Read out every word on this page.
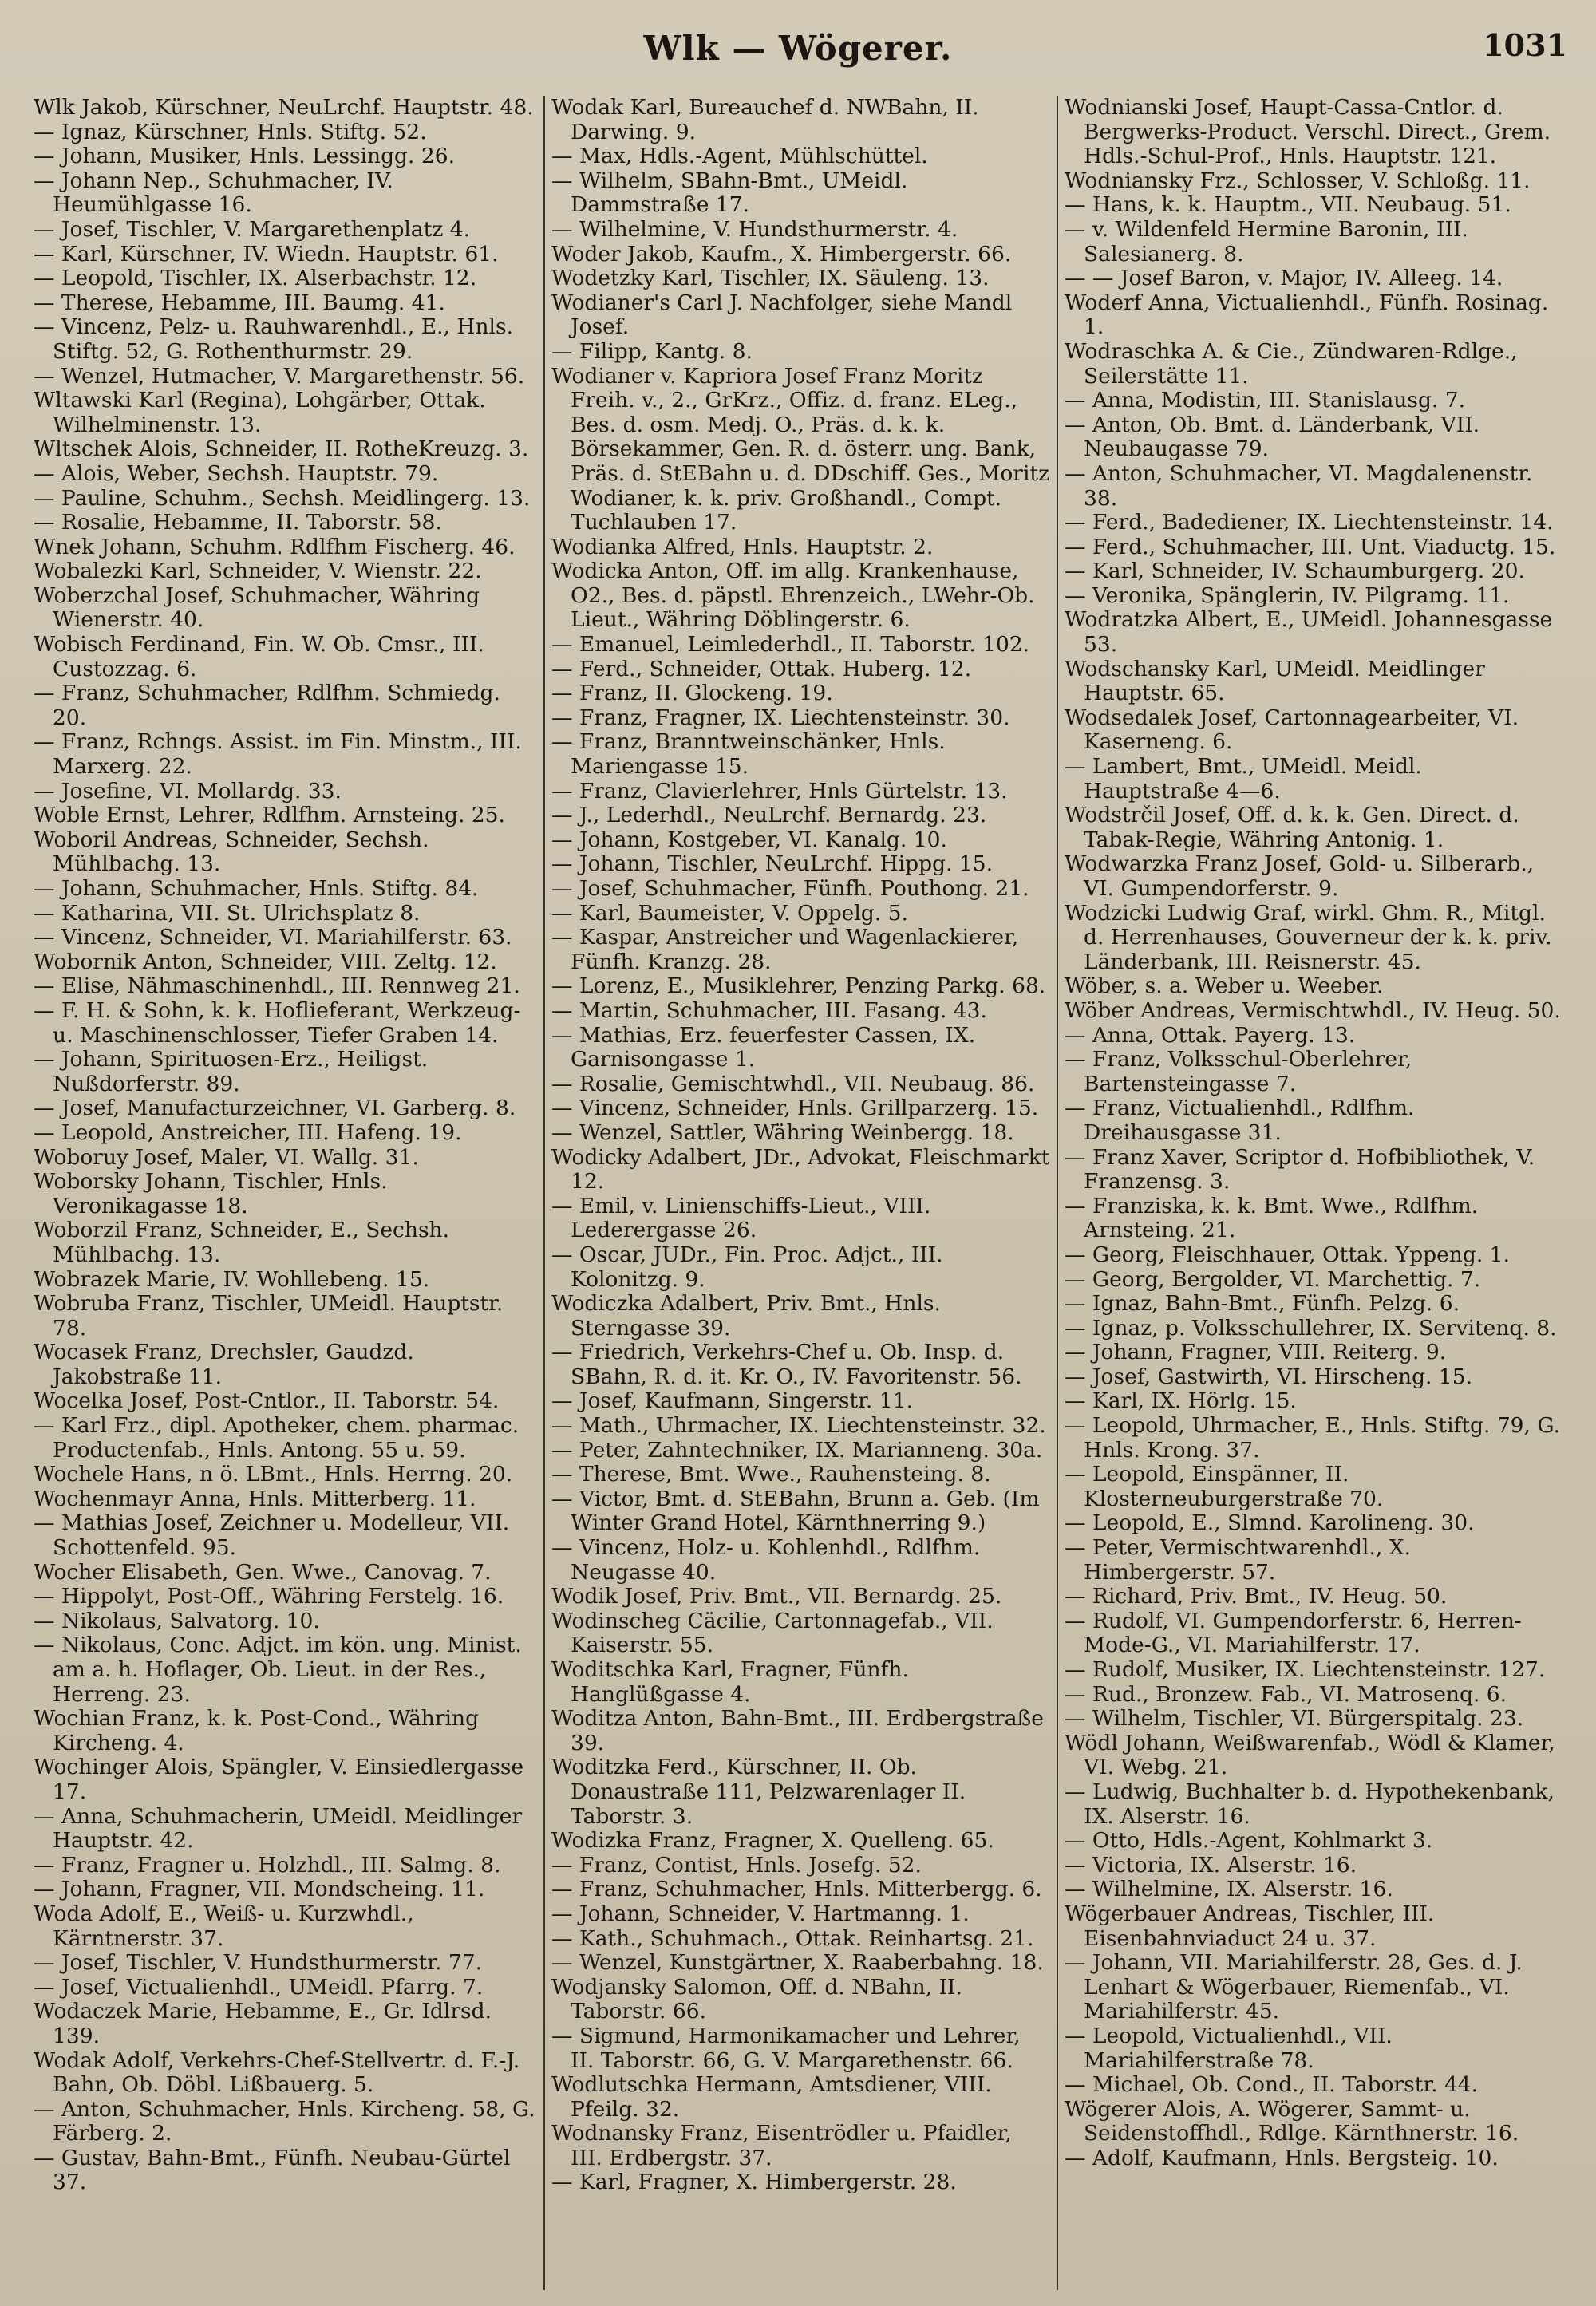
Wlk — Wögerer.	1031

Wlk Jakob, Kürschner, NeuLrchf. Hauptstr. 48.

— Ignaz, Kürschner, Hnls. Stiftg. 52.

— Johann, Musiker, Hnls. Lessingg. 26.

— Johann Nep., Schuhmacher, IV. Heumühlgasse 16.

— Josef, Tischler, V. Margarethenplatz 4.

— Karl, Kürschner, IV. Wiedn. Hauptstr. 61.

— Leopold, Tischler, IX. Alserbachstr. 12.

— Therese, Hebamme, III. Baumg. 41.

— Vincenz, Pelz- u. Rauhwarenhdl., E., Hnls. Stiftg. 52, G. Rothenthurmstr. 29.

— Wenzel, Hutmacher, V. Margarethenstr. 56.

Wltawski Karl (Regina), Lohgärber, Ottak. Wilhelminenstr. 13.

Wltschek Alois, Schneider, II. RotheKreuzg. 3.

— Alois, Weber, Sechsh. Hauptstr. 79.

— Pauline, Schuhm., Sechsh. Meidlingerg. 13.

— Rosalie, Hebamme, II. Taborstr. 58.

Wnek Johann, Schuhm. Rdlfhm Fischerg. 46.

Wobalezki Karl, Schneider, V. Wienstr. 22.

Woberzchal Josef, Schuhmacher, Währing Wienerstr. 40.

Wobisch Ferdinand, Fin. W. Ob. Cmsr., III. Custozzag. 6.

— Franz, Schuhmacher, Rdlfhm. Schmiedg. 20.

— Franz, Rchngs. Assist. im Fin. Minstm., III. Marxerg. 22.

— Josefine, VI. Mollardg. 33.

Woble Ernst, Lehrer, Rdlfhm. Arnsteing. 25.

Woboril Andreas, Schneider, Sechsh. Mühlbachg. 13.

— Johann, Schuhmacher, Hnls. Stiftg. 84.

— Katharina, VII. St. Ulrichsplatz 8.

— Vincenz, Schneider, VI. Mariahilferstr. 63.

Wobornik Anton, Schneider, VIII. Zeltg. 12.

— Elise, Nähmaschinenhdl., III. Rennweg 21.

— F. H. & Sohn, k. k. Hoflieferant, Werkzeug- u. Maschinenschlosser, Tiefer Graben 14.

— Johann, Spirituosen-Erz., Heiligst. Nußdorferstr. 89.

— Josef, Manufacturzeichner, VI. Garberg. 8.

— Leopold, Anstreicher, III. Hafeng. 19.

Woboruy Josef, Maler, VI. Wallg. 31.

Woborsky Johann, Tischler, Hnls. Veronikagasse 18.

Woborzil Franz, Schneider, E., Sechsh. Mühlbachg. 13.

Wobrazek Marie, IV. Wohllebeng. 15.

Wobruba Franz, Tischler, UMeidl. Hauptstr. 78.

Wocasek Franz, Drechsler, Gaudzd. Jakobstraße 11.

Wocelka Josef, Post-Cntlor., II. Taborstr. 54.

— Karl Frz., dipl. Apotheker, chem. pharmac. Productenfab., Hnls. Antong. 55 u. 59.

Wochele Hans, n ö. LBmt., Hnls. Herrng. 20.

Wochenmayr Anna, Hnls. Mitterberg. 11.

— Mathias Josef, Zeichner u. Modelleur, VII. Schottenfeld. 95.

Wocher Elisabeth, Gen. Wwe., Canovag. 7.

— Hippolyt, Post-Off., Währing Ferstelg. 16.

— Nikolaus, Salvatorg. 10.

— Nikolaus, Conc. Adjct. im kön. ung. Minist. am a. h. Hoflager, Ob. Lieut. in der Res., Herreng. 23.

Wochian Franz, k. k. Post-Cond., Währing Kircheng. 4.

Wochinger Alois, Spängler, V. Einsiedlergasse 17.

— Anna, Schuhmacherin, UMeidl. Meidlinger Hauptstr. 42.

— Franz, Fragner u. Holzhdl., III. Salmg. 8.

— Johann, Fragner, VII. Mondscheing. 11.

Woda Adolf, E., Weiß- u. Kurzwhdl., Kärntnerstr. 37.

— Josef, Tischler, V. Hundsthurmerstr. 77.

— Josef, Victualienhdl., UMeidl. Pfarrg. 7.

Wodaczek Marie, Hebamme, E., Gr. Idlrsd. 139.

Wodak Adolf, Verkehrs-Chef-Stellvertr. d. F.-J. Bahn, Ob. Döbl. Lißbauerg. 5.

— Anton, Schuhmacher, Hnls. Kircheng. 58, G. Färberg. 2.

— Gustav, Bahn-Bmt., Fünfh. Neubau-Gürtel 37.

Wodak Karl, Bureauchef d. NWBahn, II. Darwing. 9.

— Max, Hdls.-Agent, Mühlschüttel.

— Wilhelm, SBahn-Bmt., UMeidl. Dammstraße 17.

— Wilhelmine, V. Hundsthurmerstr. 4.

Woder Jakob, Kaufm., X. Himbergerstr. 66.

Wodetzky Karl, Tischler, IX. Säuleng. 13.

Wodianer's Carl J. Nachfolger, siehe Mandl Josef.

— Filipp, Kantg. 8.

Wodianer v. Kapriora Josef Franz Moritz Freih. v., 2., GrKrz., Offiz. d. franz. ELeg., Bes. d. osm. Medj. O., Präs. d. k. k. Börsekammer, Gen. R. d. österr. ung. Bank, Präs. d. StEBahn u. d. DDschiff. Ges., Moritz Wodianer, k. k. priv. Großhandl., Compt. Tuchlauben 17.

Wodianka Alfred, Hnls. Hauptstr. 2.

Wodicka Anton, Off. im allg. Krankenhause, O2., Bes. d. päpstl. Ehrenzeich., LWehr-Ob. Lieut., Währing Döblingerstr. 6.

— Emanuel, Leimlederhdl., II. Taborstr. 102.

— Ferd., Schneider, Ottak. Huberg. 12.

— Franz, II. Glockeng. 19.

— Franz, Fragner, IX. Liechtensteinstr. 30.

— Franz, Branntweinschänker, Hnls. Mariengasse 15.

— Franz, Clavierlehrer, Hnls Gürtelstr. 13.

— J., Lederhdl., NeuLrchf. Bernardg. 23.

— Johann, Kostgeber, VI. Kanalg. 10.

— Johann, Tischler, NeuLrchf. Hippg. 15.

— Josef, Schuhmacher, Fünfh. Pouthong. 21.

— Karl, Baumeister, V. Oppelg. 5.

— Kaspar, Anstreicher und Wagenlackierer, Fünfh. Kranzg. 28.

— Lorenz, E., Musiklehrer, Penzing Parkg. 68.

— Martin, Schuhmacher, III. Fasang. 43.

— Mathias, Erz. feuerfester Cassen, IX. Garnisongasse 1.

— Rosalie, Gemischtwhdl., VII. Neubaug. 86.

— Vincenz, Schneider, Hnls. Grillparzerg. 15.

— Wenzel, Sattler, Währing Weinbergg. 18.

Wodicky Adalbert, JDr., Advokat, Fleischmarkt 12.

— Emil, v. Linienschiffs-Lieut., VIII. Lederergasse 26.

— Oscar, JUDr., Fin. Proc. Adjct., III. Kolonitzg. 9.

Wodiczka Adalbert, Priv. Bmt., Hnls. Sterngasse 39.

— Friedrich, Verkehrs-Chef u. Ob. Insp. d. SBahn, R. d. it. Kr. O., IV. Favoritenstr. 56.

— Josef, Kaufmann, Singerstr. 11.

— Math., Uhrmacher, IX. Liechtensteinstr. 32.

— Peter, Zahntechniker, IX. Marianneng. 30a.

— Therese, Bmt. Wwe., Rauhensteing. 8.

— Victor, Bmt. d. StEBahn, Brunn a. Geb. (Im Winter Grand Hotel, Kärnthnerring 9.)

— Vincenz, Holz- u. Kohlenhdl., Rdlfhm. Neugasse 40.

Wodik Josef, Priv. Bmt., VII. Bernardg. 25.

Wodinscheg Cäcilie, Cartonnagefab., VII. Kaiserstr. 55.

Woditschka Karl, Fragner, Fünfh. Hanglüßgasse 4.

Woditza Anton, Bahn-Bmt., III. Erdbergstraße 39.

Woditzka Ferd., Kürschner, II. Ob. Donaustraße 111, Pelzwarenlager II. Taborstr. 3.

Wodizka Franz, Fragner, X. Quelleng. 65.

— Franz, Contist, Hnls. Josefg. 52.

— Franz, Schuhmacher, Hnls. Mitterbergg. 6.

— Johann, Schneider, V. Hartmanng. 1.

— Kath., Schuhmach., Ottak. Reinhartsg. 21.

— Wenzel, Kunstgärtner, X. Raaberbahng. 18.

Wodjansky Salomon, Off. d. NBahn, II. Taborstr. 66.

— Sigmund, Harmonikamacher und Lehrer, II. Taborstr. 66, G. V. Margarethenstr. 66.

Wodlutschka Hermann, Amtsdiener, VIII. Pfeilg. 32.

Wodnansky Franz, Eisentrödler u. Pfaidler, III. Erdbergstr. 37.

— Karl, Fragner, X. Himbergerstr. 28.

Wodnianski Josef, Haupt-Cassa-Cntlor. d. Bergwerks-Product. Verschl. Direct., Grem. Hdls.-Schul-Prof., Hnls. Hauptstr. 121.

Wodniansky Frz., Schlosser, V. Schloßg. 11.

— Hans, k. k. Hauptm., VII. Neubaug. 51.

— v. Wildenfeld Hermine Baronin, III. Salesianerg. 8.

— — Josef Baron, v. Major, IV. Alleeg. 14.

Woderf Anna, Victualienhdl., Fünfh. Rosinag. 1.

Wodraschka A. & Cie., Zündwaren-Rdlge., Seilerstätte 11.

— Anna, Modistin, III. Stanislausg. 7.

— Anton, Ob. Bmt. d. Länderbank, VII. Neubaugasse 79.

— Anton, Schuhmacher, VI. Magdalenenstr. 38.

— Ferd., Badediener, IX. Liechtensteinstr. 14.

— Ferd., Schuhmacher, III. Unt. Viaductg. 15.

— Karl, Schneider, IV. Schaumburgerg. 20.

— Veronika, Spänglerin, IV. Pilgramg. 11.

Wodratzka Albert, E., UMeidl. Johannesgasse 53.

Wodschansky Karl, UMeidl. Meidlinger Hauptstr. 65.

Wodsedalek Josef, Cartonnagearbeiter, VI. Kaserneng. 6.

— Lambert, Bmt., UMeidl. Meidl. Hauptstraße 4—6.

Wodstrčil Josef, Off. d. k. k. Gen. Direct. d. Tabak-Regie, Währing Antonig. 1.

Wodwarzka Franz Josef, Gold- u. Silberarb., VI. Gumpendorferstr. 9.

Wodzicki Ludwig Graf, wirkl. Ghm. R., Mitgl. d. Herrenhauses, Gouverneur der k. k. priv. Länderbank, III. Reisnerstr. 45.

Wöber, s. a. Weber u. Weeber.

Wöber Andreas, Vermischtwhdl., IV. Heug. 50.

— Anna, Ottak. Payerg. 13.

— Franz, Volksschul-Oberlehrer, Bartensteingasse 7.

— Franz, Victualienhdl., Rdlfhm. Dreihausgasse 31.

— Franz Xaver, Scriptor d. Hofbibliothek, V. Franzensg. 3.

— Franziska, k. k. Bmt. Wwe., Rdlfhm. Arnsteing. 21.

— Georg, Fleischhauer, Ottak. Yppeng. 1.

— Georg, Bergolder, VI. Marchettig. 7.

— Ignaz, Bahn-Bmt., Fünfh. Pelzg. 6.

— Ignaz, p. Volksschullehrer, IX. Servitenq. 8.

— Johann, Fragner, VIII. Reiterg. 9.

— Josef, Gastwirth, VI. Hirscheng. 15.

— Karl, IX. Hörlg. 15.

— Leopold, Uhrmacher, E., Hnls. Stiftg. 79, G. Hnls. Krong. 37.

— Leopold, Einspänner, II. Klosterneuburgerstraße 70.

— Leopold, E., Slmnd. Karolineng. 30.

— Peter, Vermischtwarenhdl., X. Himbergerstr. 57.

— Richard, Priv. Bmt., IV. Heug. 50.

— Rudolf, VI. Gumpendorferstr. 6, Herren-Mode-G., VI. Mariahilferstr. 17.

— Rudolf, Musiker, IX. Liechtensteinstr. 127.

— Rud., Bronzew. Fab., VI. Matrosenq. 6.

— Wilhelm, Tischler, VI. Bürgerspitalg. 23.

Wödl Johann, Weißwarenfab., Wödl & Klamer, VI. Webg. 21.

— Ludwig, Buchhalter b. d. Hypothekenbank, IX. Alserstr. 16.

— Otto, Hdls.-Agent, Kohlmarkt 3.

— Victoria, IX. Alserstr. 16.

— Wilhelmine, IX. Alserstr. 16.

Wögerbauer Andreas, Tischler, III. Eisenbahnviaduct 24 u. 37.

— Johann, VII. Mariahilferstr. 28, Ges. d. J. Lenhart & Wögerbauer, Riemenfab., VI. Mariahilferstr. 45.

— Leopold, Victualienhdl., VII. Mariahilferstraße 78.

— Michael, Ob. Cond., II. Taborstr. 44.

Wögerer Alois, A. Wögerer, Sammt- u. Seidenstoffhdl., Rdlge. Kärnthnerstr. 16.

— Adolf, Kaufmann, Hnls. Bergsteig. 10.
